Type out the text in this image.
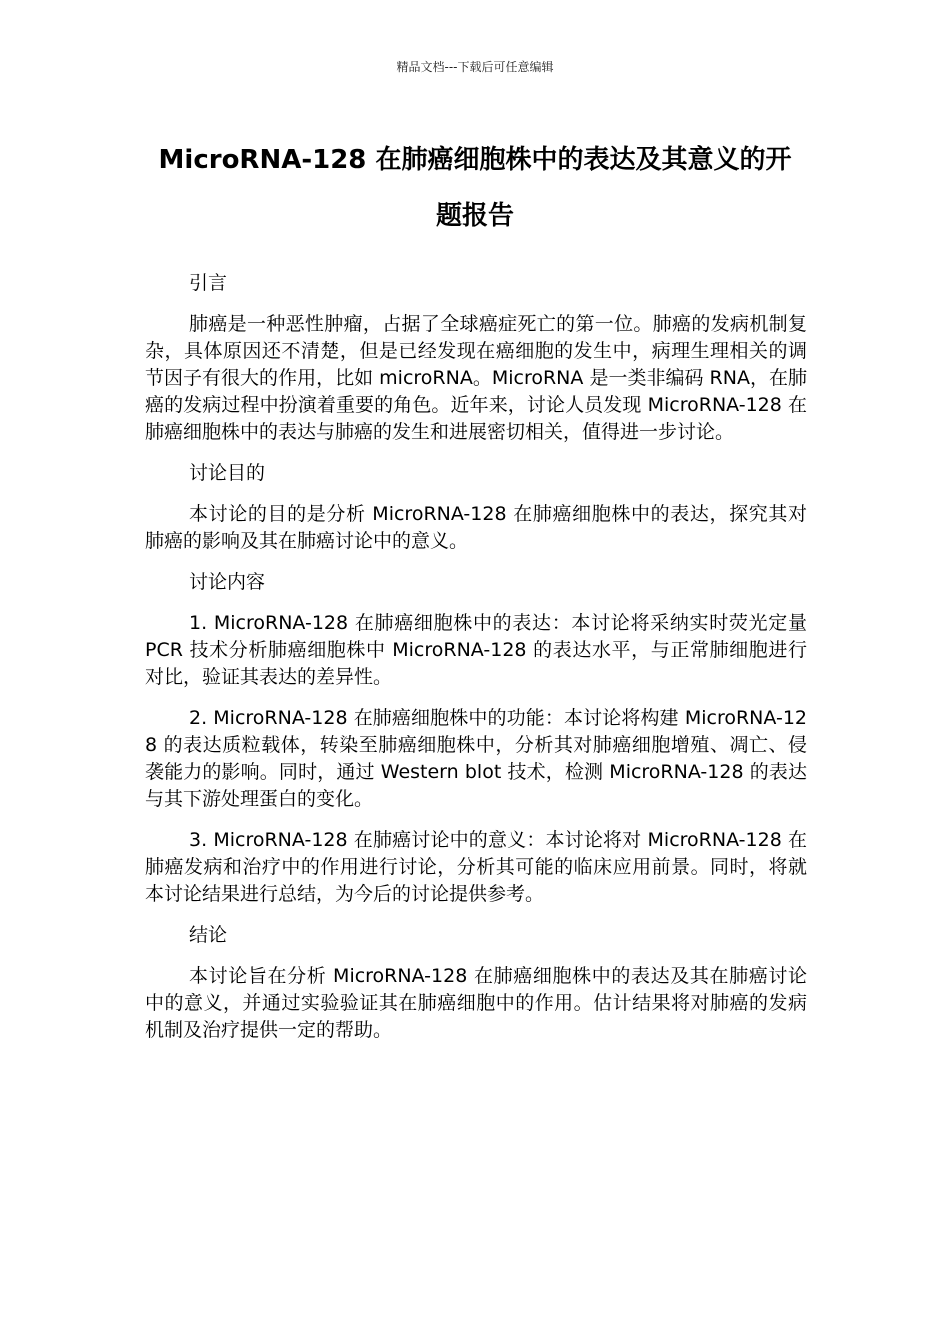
精品文档---下载后可任意编辑
MicroRNA-128 在肺癌细胞株中的表达及其意义的开
题报告

引言

肺癌是一种恶性肿瘤，占据了全球癌症死亡的第一位。肺癌的发病机制复杂，具体原因还不清楚，但是已经发现在癌细胞的发生中，病理生理相关的调节因子有很大的作用，比如 microRNA。MicroRNA 是一类非编码 RNA，在肺癌的发病过程中扮演着重要的角色。近年来，讨论人员发现 MicroRNA-128 在肺癌细胞株中的表达与肺癌的发生和进展密切相关，值得进一步讨论。

讨论目的

本讨论的目的是分析 MicroRNA-128 在肺癌细胞株中的表达，探究其对肺癌的影响及其在肺癌讨论中的意义。

讨论内容

1. MicroRNA-128 在肺癌细胞株中的表达：本讨论将采纳实时荧光定量 PCR 技术分析肺癌细胞株中 MicroRNA-128 的表达水平，与正常肺细胞进行对比，验证其表达的差异性。

2. MicroRNA-128 在肺癌细胞株中的功能：本讨论将构建 MicroRNA-128 的表达质粒载体，转染至肺癌细胞株中，分析其对肺癌细胞增殖、凋亡、侵袭能力的影响。同时，通过 Western blot 技术，检测 MicroRNA-128 的表达与其下游处理蛋白的变化。

3. MicroRNA-128 在肺癌讨论中的意义：本讨论将对 MicroRNA-128 在肺癌发病和治疗中的作用进行讨论，分析其可能的临床应用前景。同时，将就本讨论结果进行总结，为今后的讨论提供参考。

结论

本讨论旨在分析 MicroRNA-128 在肺癌细胞株中的表达及其在肺癌讨论中的意义，并通过实验验证其在肺癌细胞中的作用。估计结果将对肺癌的发病机制及治疗提供一定的帮助。
